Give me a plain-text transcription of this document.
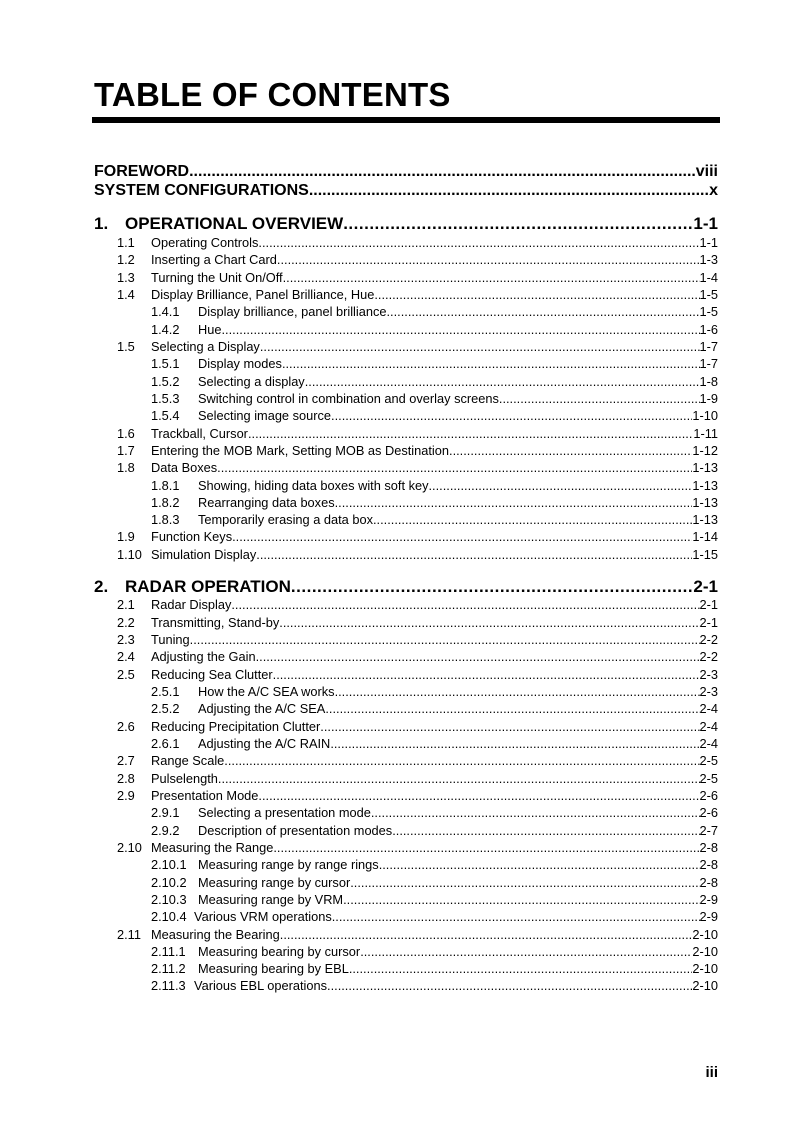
TABLE OF CONTENTS
FOREWORD .....	viii
SYSTEM CONFIGURATIONS .....	x
1. OPERATIONAL OVERVIEW .....	1-1
1.1	Operating Controls .....	1-1
1.2	Inserting a Chart Card .....	1-3
1.3	Turning the Unit On/Off .....	1-4
1.4	Display Brilliance, Panel Brilliance, Hue .....	1-5
1.4.1	Display brilliance, panel brilliance .....	1-5
1.4.2	Hue .....	1-6
1.5	Selecting a Display .....	1-7
1.5.1	Display modes .....	1-7
1.5.2	Selecting a display .....	1-8
1.5.3	Switching control in combination and overlay screens .....	1-9
1.5.4	Selecting image source .....	1-10
1.6	Trackball, Cursor .....	1-11
1.7	Entering the MOB Mark, Setting MOB as Destination .....	1-12
1.8	Data Boxes .....	1-13
1.8.1	Showing, hiding data boxes with soft key .....	1-13
1.8.2	Rearranging data boxes .....	1-13
1.8.3	Temporarily erasing a data box .....	1-13
1.9	Function Keys .....	1-14
1.10 Simulation Display .....	1-15
2. RADAR OPERATION .....	2-1
2.1	Radar Display .....	2-1
2.2	Transmitting, Stand-by .....	2-1
2.3	Tuning .....	2-2
2.4	Adjusting the Gain .....	2-2
2.5	Reducing Sea Clutter .....	2-3
2.5.1	How the A/C SEA works .....	2-3
2.5.2	Adjusting the A/C SEA .....	2-4
2.6	Reducing Precipitation Clutter .....	2-4
2.6.1	Adjusting the A/C RAIN .....	2-4
2.7	Range Scale .....	2-5
2.8	Pulselength .....	2-5
2.9	Presentation Mode .....	2-6
2.9.1	Selecting a presentation mode .....	2-6
2.9.2	Description of presentation modes .....	2-7
2.10 Measuring the Range .....	2-8
2.10.1 Measuring range by range rings .....	2-8
2.10.2 Measuring range by cursor .....	2-8
2.10.3 Measuring range by VRM .....	2-9
2.10.4 Various VRM operations .....	2-9
2.11 Measuring the Bearing .....	2-10
2.11.1 Measuring bearing by cursor .....	2-10
2.11.2 Measuring bearing by EBL .....	2-10
2.11.3 Various EBL operations .....	2-10
iii
